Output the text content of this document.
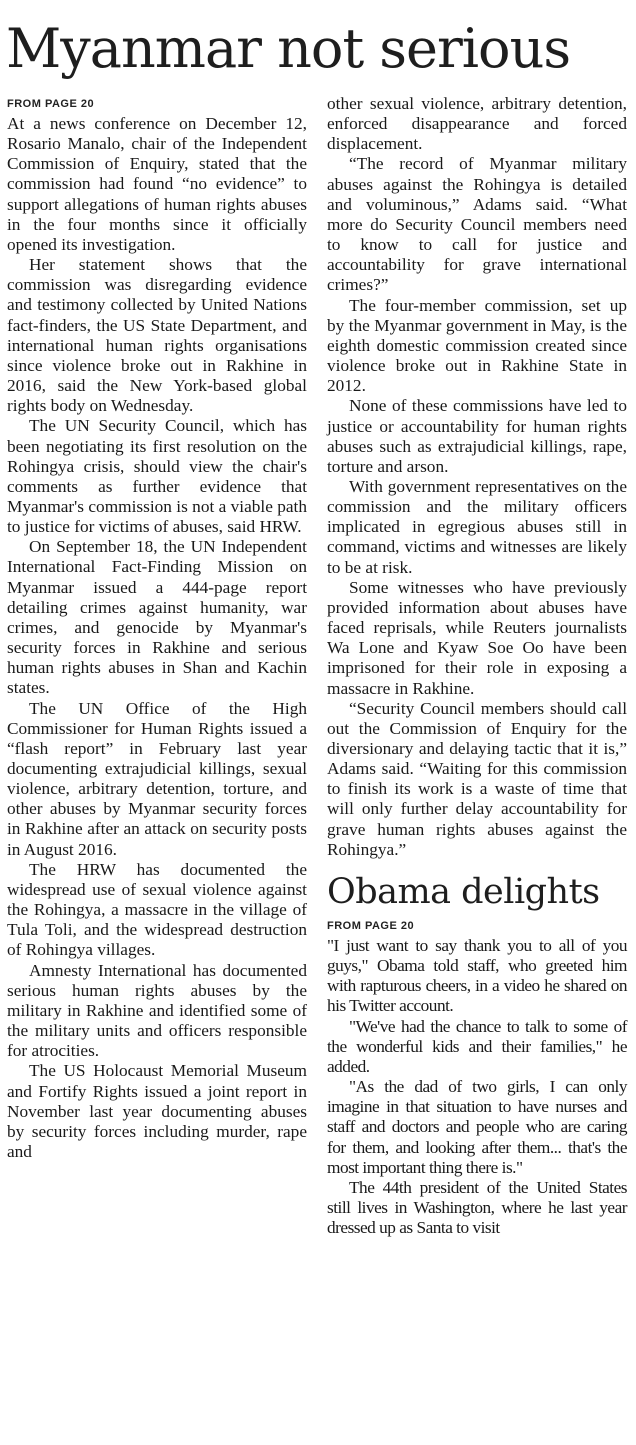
Myanmar not serious
FROM PAGE 20

At a news conference on December 12, Rosario Manalo, chair of the Independent Commission of Enquiry, stated that the commission had found “no evidence” to support allegations of human rights abuses in the four months since it officially opened its investigation.

Her statement shows that the commission was disregarding evidence and testimony collected by United Nations fact-finders, the US State Department, and international human rights organisations since violence broke out in Rakhine in 2016, said the New York-based global rights body on Wednesday.

The UN Security Council, which has been negotiating its first resolution on the Rohingya crisis, should view the chair's comments as further evidence that Myanmar's commission is not a viable path to justice for victims of abuses, said HRW.

On September 18, the UN Independent International Fact-Finding Mission on Myanmar issued a 444-page report detailing crimes against humanity, war crimes, and genocide by Myanmar's security forces in Rakhine and serious human rights abuses in Shan and Kachin states.

The UN Office of the High Commissioner for Human Rights issued a “flash report” in February last year documenting extrajudicial killings, sexual violence, arbitrary detention, torture, and other abuses by Myanmar security forces in Rakhine after an attack on security posts in August 2016.

The HRW has documented the widespread use of sexual violence against the Rohingya, a massacre in the village of Tula Toli, and the widespread destruction of Rohingya villages.

Amnesty International has documented serious human rights abuses by the military in Rakhine and identified some of the military units and officers responsible for atrocities.

The US Holocaust Memorial Museum and Fortify Rights issued a joint report in November last year documenting abuses by security forces including murder, rape and

other sexual violence, arbitrary detention, enforced disappearance and forced displacement.

“The record of Myanmar military abuses against the Rohingya is detailed and voluminous,” Adams said. “What more do Security Council members need to know to call for justice and accountability for grave international crimes?”

The four-member commission, set up by the Myanmar government in May, is the eighth domestic commission created since violence broke out in Rakhine State in 2012.

None of these commissions have led to justice or accountability for human rights abuses such as extrajudicial killings, rape, torture and arson.

With government representatives on the commission and the military officers implicated in egregious abuses still in command, victims and witnesses are likely to be at risk.

Some witnesses who have previously provided information about abuses have faced reprisals, while Reuters journalists Wa Lone and Kyaw Soe Oo have been imprisoned for their role in exposing a massacre in Rakhine.

“Security Council members should call out the Commission of Enquiry for the diversionary and delaying tactic that it is,” Adams said. “Waiting for this commission to finish its work is a waste of time that will only further delay accountability for grave human rights abuses against the Rohingya.”

Obama delights
FROM PAGE 20

"I just want to say thank you to all of you guys," Obama told staff, who greeted him with rapturous cheers, in a video he shared on his Twitter account.

"We've had the chance to talk to some of the wonderful kids and their families," he added.

"As the dad of two girls, I can only imagine in that situation to have nurses and staff and doctors and people who are caring for them, and looking after them... that's the most important thing there is."

The 44th president of the United States still lives in Washington, where he last year dressed up as Santa to visit
